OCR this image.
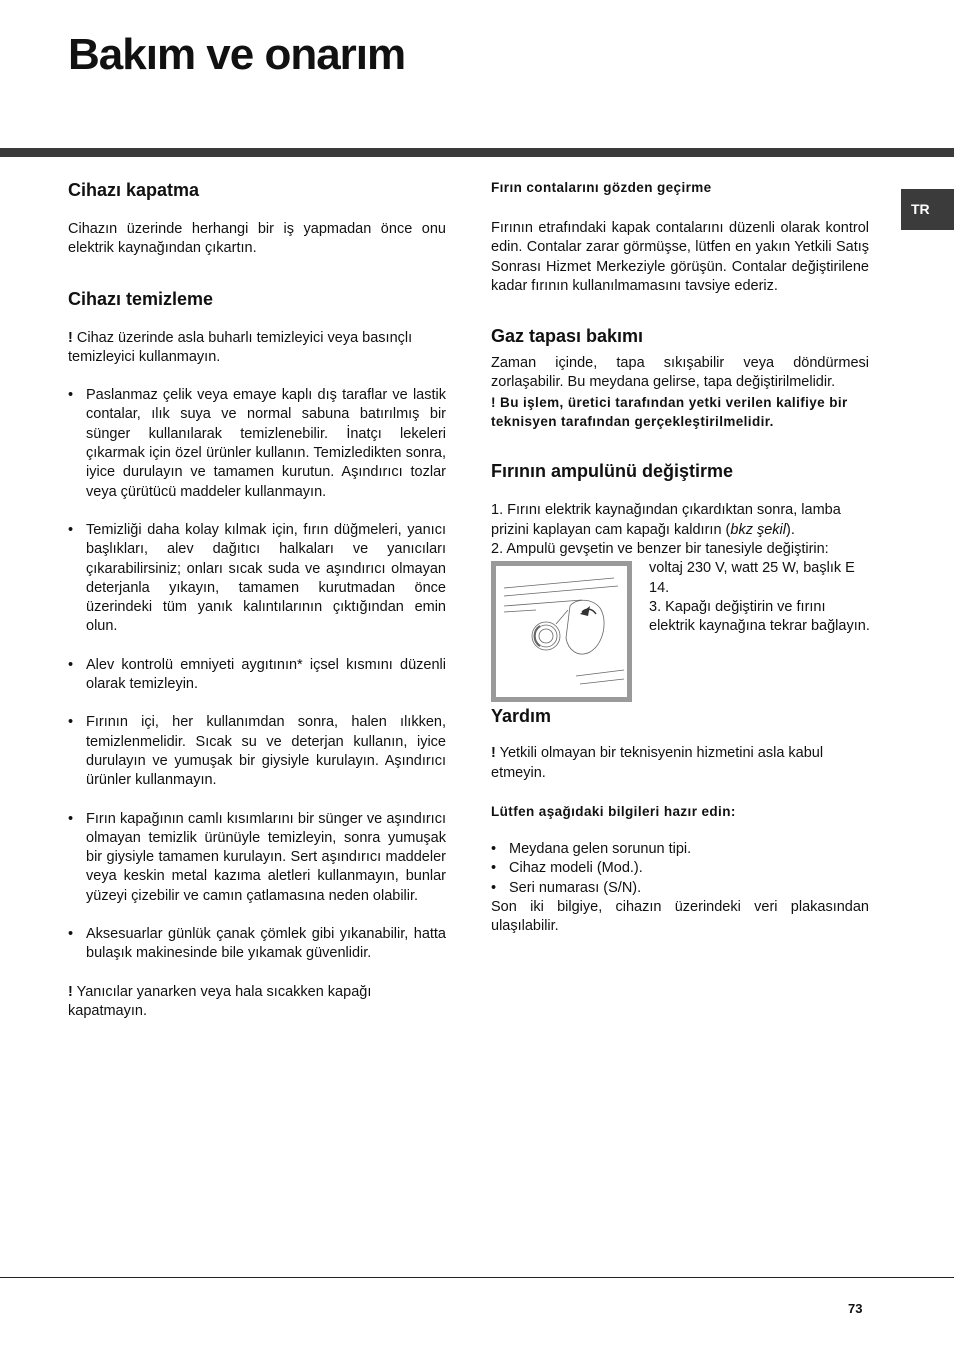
Bakım ve onarım
TR
Cihazı kapatma

Cihazın üzerinde herhangi bir iş yapmadan önce onu elektrik kaynağından çıkartın.

Cihazı temizleme

! Cihaz üzerinde asla buharlı temizleyici veya basınçlı temizleyici kullanmayın.

• Paslanmaz çelik veya emaye kaplı dış taraflar ve lastik contalar, ılık suya ve normal sabuna batırılmış bir sünger kullanılarak temizlenebilir. İnatçı lekeleri çıkarmak için özel ürünler kullanın. Temizledikten sonra, iyice durulayın ve tamamen kurutun. Aşındırıcı tozlar veya çürütücü maddeler kullanmayın.
• Temizliği daha kolay kılmak için, fırın düğmeleri, yanıcı başlıkları, alev dağıtıcı halkaları ve yanıcıları çıkarabilirsiniz; onları sıcak suda ve aşındırıcı olmayan deterjanla yıkayın, tamamen kurutmadan önce üzerindeki tüm yanık kalıntılarının çıktığından emin olun.
• Alev kontrolü emniyeti aygıtının* içsel kısmını düzenli olarak temizleyin.
• Fırının içi, her kullanımdan sonra, halen ılıkken, temizlenmelidir. Sıcak su ve deterjan kullanın, iyice durulayın ve yumuşak bir giysiyle kurulayın. Aşındırıcı ürünler kullanmayın.
• Fırın kapağının camlı kısımlarını bir sünger ve aşındırıcı olmayan temizlik ürünüyle temizleyin, sonra yumuşak bir giysiyle tamamen kurulayın. Sert aşındırıcı maddeler veya keskin metal kazıma aletleri kullanmayın, bunlar yüzeyi çizebilir ve camın çatlamasına neden olabilir.
• Aksesuarlar günlük çanak çömlek gibi yıkanabilir, hatta bulaşık makinesinde bile yıkamak güvenlidir.

! Yanıcılar yanarken veya hala sıcakken kapağı kapatmayın.

Fırın contalarını gözden geçirme

Fırının etrafındaki kapak contalarını düzenli olarak kontrol edin. Contalar zarar görmüşse, lütfen en yakın Yetkili Satış Sonrası Hizmet Merkeziyle görüşün. Contalar değiştirilene kadar fırının kullanılmamasını tavsiye ederiz.

Gaz tapası bakımı

Zaman içinde, tapa sıkışabilir veya döndürmesi zorlaşabilir. Bu meydana gelirse, tapa değiştirilmelidir.

! Bu işlem, üretici tarafından yetki verilen kalifiye bir teknisyen tarafından gerçekleştirilmelidir.

Fırının ampulünü değiştirme

1. Fırını elektrik kaynağından çıkardıktan sonra, lamba prizini kaplayan cam kapağı kaldırın (bkz şekil).

2. Ampulü gevşetin ve benzer bir tanesiyle değiştirin:

voltaj 230 V, watt 25 W, başlık E 14.

3. Kapağı değiştirin ve fırını elektrik kaynağına tekrar bağlayın.

Yardım

! Yetkili olmayan bir teknisyenin hizmetini asla kabul etmeyin.

Lütfen aşağıdaki bilgileri hazır edin:

• Meydana gelen sorunun tipi.
• Cihaz modeli (Mod.).
• Seri numarası (S/N).

Son iki bilgiye, cihazın üzerindeki veri plakasından ulaşılabilir.

73
